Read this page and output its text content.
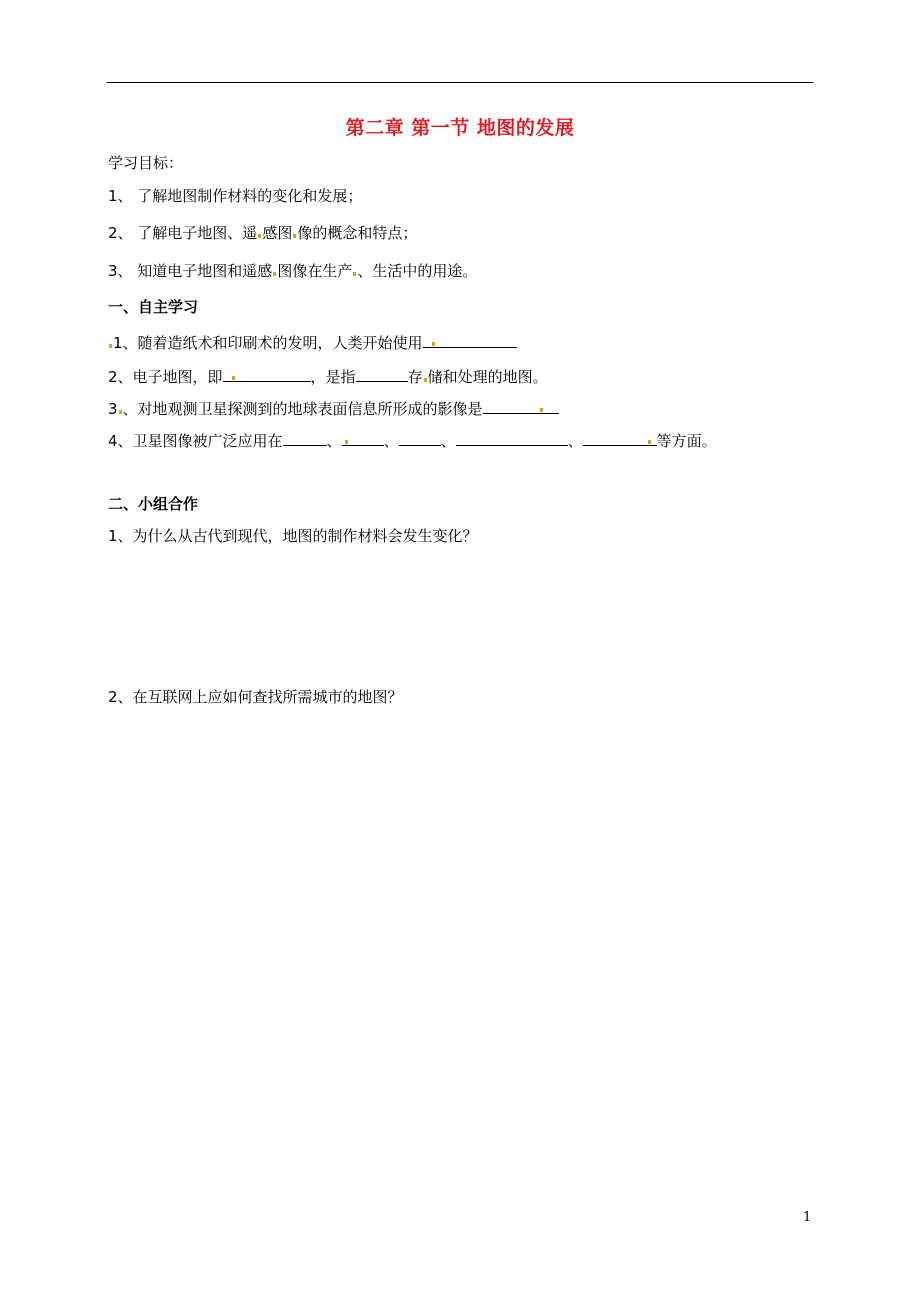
第二章 第一节 地图的发展
学习目标：
1、 了解地图制作材料的变化和发展；
2、 了解电子地图、遥 感图 像的概念和特点；
3、 知道电子地图和遥感 图像在生产 、生活中的用途。
一、自主学习
1、随着造纸术和印刷术的发明，人类开始使用
2、电子地图，即	，是指	存 储和处理的地图。
3 、对地观测卫星探测到的地球表面信息所形成的影像是
4、卫星图像被广泛应用在	、	、	、	、	等方面。
二、小组合作
1、为什么从古代到现代，地图的制作材料会发生变化？
2、在互联网上应如何查找所需城市的地图？
1
